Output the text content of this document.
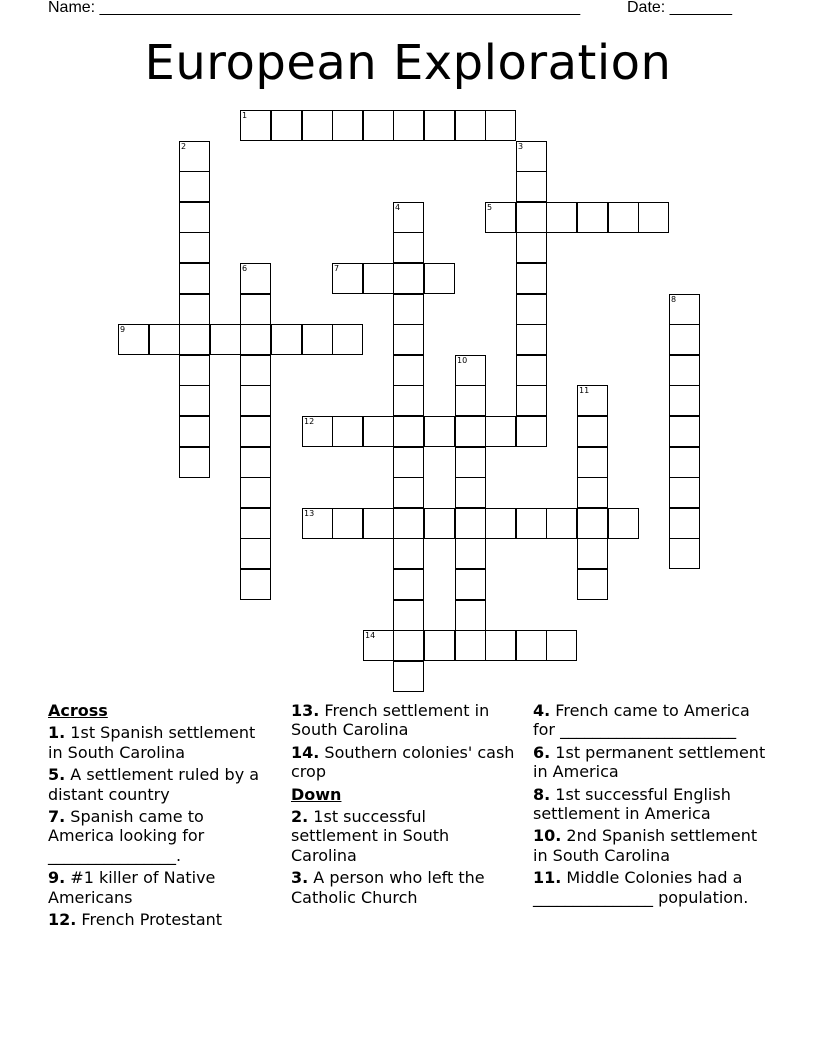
Name: ______________________________________________________	Date: _______
European Exploration
1
2	3
4	5
6	7
8
9
10
11
12
13
14
Across
1. 1st Spanish settlement in South Carolina
5. A settlement ruled by a distant country
7. Spanish came to America looking for ________________.
9. #1 killer of Native Americans
12. French Protestant
13. French settlement in South Carolina
14. Southern colonies' cash crop
Down
2. 1st successful settlement in South Carolina
3. A person who left the Catholic Church
4. French came to America for ______________________
6. 1st permanent settlement in America
8. 1st successful English settlement in America
10. 2nd Spanish settlement in South Carolina
11. Middle Colonies had a _______________ population.
